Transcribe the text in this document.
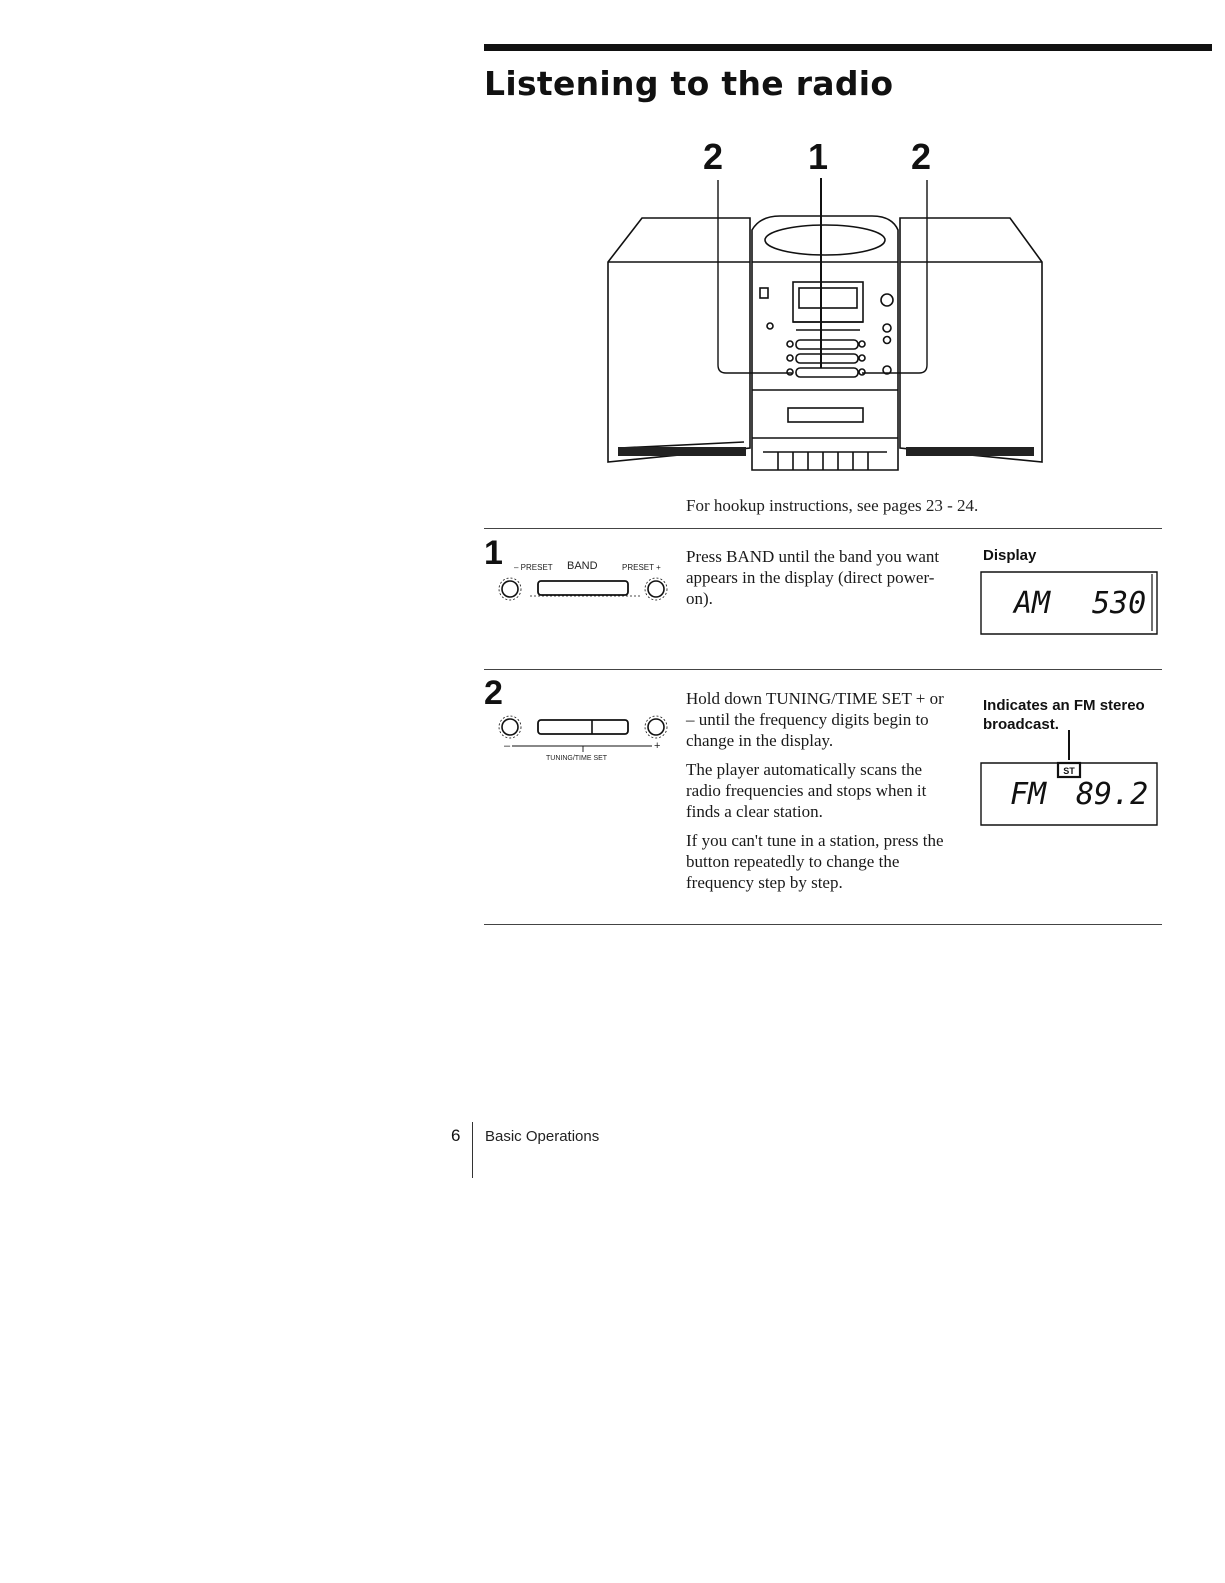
Listening to the radio
2 1 2
For hookup instructions, see pages 23 - 24.
1 – PRESET BAND	PRESET +

Press BAND until the band you want appears in the display (direct power-on).

Display
AM 530
2
–	+
TUNING/TIME SET

Hold down TUNING/TIME SET + or – until the frequency digits begin to change in the display.

The player automatically scans the radio frequencies and stops when it finds a clear station.

If you can't tune in a station, press the button repeatedly to change the frequency step by step.

Indicates an FM stereo broadcast.
ST
FM 89.2
6 Basic Operations
